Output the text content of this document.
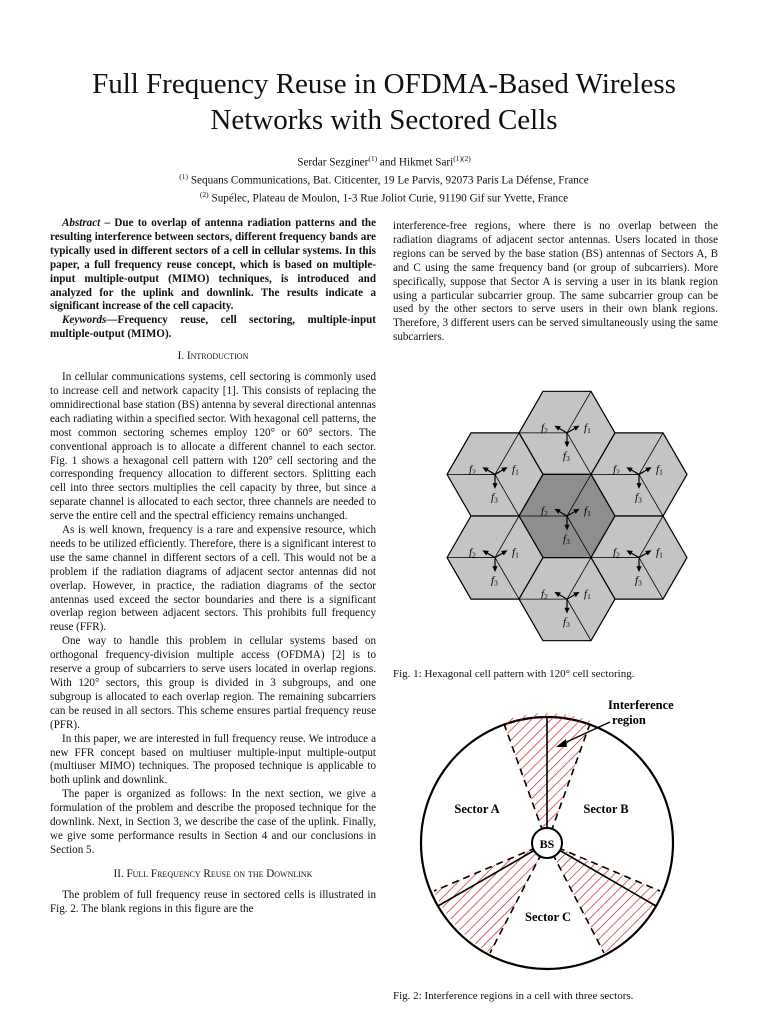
Full Frequency Reuse in OFDMA-Based Wireless
Networks with Sectored Cells
Serdar Sezginer$^{(1)}$ and Hikmet Sari$^{(1)(2)}$
$^{(1)}$ Sequans Communications, Bat. Citicenter, 19 Le Parvis, 92073 Paris La Défense, France
$^{(2)}$ Supélec, Plateau de Moulon, 1-3 Rue Joliot Curie, 91190 Gif sur Yvette, France

Abstract – Due to overlap of antenna radiation patterns and the resulting interference between sectors, different frequency bands are typically used in different sectors of a cell in cellular systems. In this paper, a full frequency reuse concept, which is based on multiple-input multiple-output (MIMO) techniques, is introduced and analyzed for the uplink and downlink. The results indicate a significant increase of the cell capacity.

Keywords—Frequency reuse, cell sectoring, multiple-input multiple-output (MIMO).

I. Introduction

In cellular communications systems, cell sectoring is commonly used to increase cell and network capacity [1]. This consists of replacing the omnidirectional base station (BS) antenna by several directional antennas each radiating within a specified sector. With hexagonal cell patterns, the most common sectoring schemes employ 120° or 60° sectors. The conventional approach is to allocate a different channel to each sector. Fig. 1 shows a hexagonal cell pattern with 120° cell sectoring and the corresponding frequency allocation to different sectors. Splitting each cell into three sectors multiplies the cell capacity by three, but since a separate channel is allocated to each sector, three channels are needed to serve the entire cell and the spectral efficiency remains unchanged.

As is well known, frequency is a rare and expensive resource, which needs to be utilized efficiently. Therefore, there is a significant interest to use the same channel in different sectors of a cell. This would not be a problem if the radiation diagrams of adjacent sector antennas did not overlap. However, in practice, the radiation diagrams of the sector antennas used exceed the sector boundaries and there is a significant overlap region between adjacent sectors. This prohibits full frequency reuse (FFR).

One way to handle this problem in cellular systems based on orthogonal frequency-division multiple access (OFDMA) [2] is to reserve a group of subcarriers to serve users located in overlap regions. With 120° sectors, this group is divided in 3 subgroups, and one subgroup is allocated to each overlap region. The remaining subcarriers can be reused in all sectors. This scheme ensures partial frequency reuse (PFR).

In this paper, we are interested in full frequency reuse. We introduce a new FFR concept based on multiuser multiple-input multiple-output (multiuser MIMO) techniques. The proposed technique is applicable to both uplink and downlink.

The paper is organized as follows: In the next section, we give a formulation of the problem and describe the proposed technique for the downlink. Next, in Section 3, we describe the case of the uplink. Finally, we give some performance results in Section 4 and our conclusions in Section 5.

II. Full Frequency Reuse on the Downlink

The problem of full frequency reuse in sectored cells is illustrated in Fig. 2. The blank regions in this figure are the

interference-free regions, where there is no overlap between the radiation diagrams of adjacent sector antennas. Users located in those regions can be served by the base station (BS) antennas of Sectors A, B and C using the same frequency band (or group of subcarriers). More specifically, suppose that Sector A is serving a user in its blank region using a particular subcarrier group. The same subcarrier group can be used by the other sectors to serve users in their own blank regions. Therefore, 3 different users can be served simultaneously using the same subcarriers.

f2	f1
f3
f2	f1
f3
f2	f1
f3
f2	f1
f3
f2	f1
f3
f2	f1
f3
f2	f1
f3
Fig. 1: Hexagonal cell pattern with 120° cell sectoring.
BS
Sector A	Sector B
Sector C
Interference
region
Fig. 2: Interference regions in a cell with three sectors.
